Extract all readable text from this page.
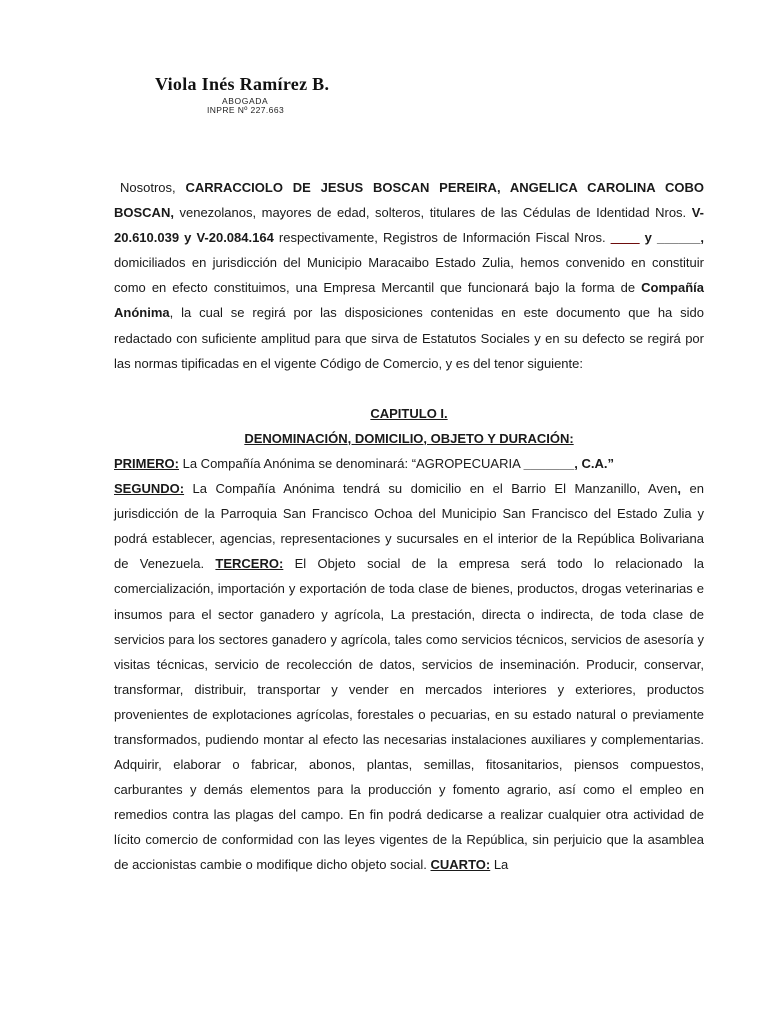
Viola Inés Ramírez B.
ABOGADA
INPRE Nº 227.663

Nosotros, CARRACCIOLO DE JESUS BOSCAN PEREIRA, ANGELICA CAROLINA COBO BOSCAN, venezolanos, mayores de edad, solteros, titulares de las Cédulas de Identidad Nros. V-20.610.039 y V-20.084.164 respectivamente, Registros de Información Fiscal Nros. ____ y ______, domiciliados en jurisdicción del Municipio Maracaibo Estado Zulia, hemos convenido en constituir como en efecto constituimos, una Empresa Mercantil que funcionará bajo la forma de Compañía Anónima, la cual se regirá por las disposiciones contenidas en este documento que ha sido redactado con suficiente amplitud para que sirva de Estatutos Sociales y en su defecto se regirá por las normas tipificadas en el vigente Código de Comercio, y es del tenor siguiente:

CAPITULO I.

DENOMINACIÓN, DOMICILIO, OBJETO Y DURACIÓN:

PRIMERO: La Compañía Anónima se denominará: “AGROPECUARIA _______, C.A.”

SEGUNDO: La Compañía Anónima tendrá su domicilio en el Barrio El Manzanillo, Aven, en jurisdicción de la Parroquia San Francisco Ochoa del Municipio San Francisco del Estado Zulia y podrá establecer, agencias, representaciones y sucursales en el interior de la República Bolivariana de Venezuela. TERCERO: El Objeto social de la empresa será todo lo relacionado la comercialización, importación y exportación de toda clase de bienes, productos, drogas veterinarias e insumos para el sector ganadero y agrícola, La prestación, directa o indirecta, de toda clase de servicios para los sectores ganadero y agrícola, tales como servicios técnicos, servicios de asesoría y visitas técnicas, servicio de recolección de datos, servicios de inseminación. Producir, conservar, transformar, distribuir, transportar y vender en mercados interiores y exteriores, productos provenientes de explotaciones agrícolas, forestales o pecuarias, en su estado natural o previamente transformados, pudiendo montar al efecto las necesarias instalaciones auxiliares y complementarias. Adquirir, elaborar o fabricar, abonos, plantas, semillas, fitosanitarios, piensos compuestos, carburantes y demás elementos para la producción y fomento agrario, así como el empleo en remedios contra las plagas del campo. En fin podrá dedicarse a realizar cualquier otra actividad de lícito comercio de conformidad con las leyes vigentes de la República, sin perjuicio que la asamblea de accionistas cambie o modifique dicho objeto social. CUARTO: La
